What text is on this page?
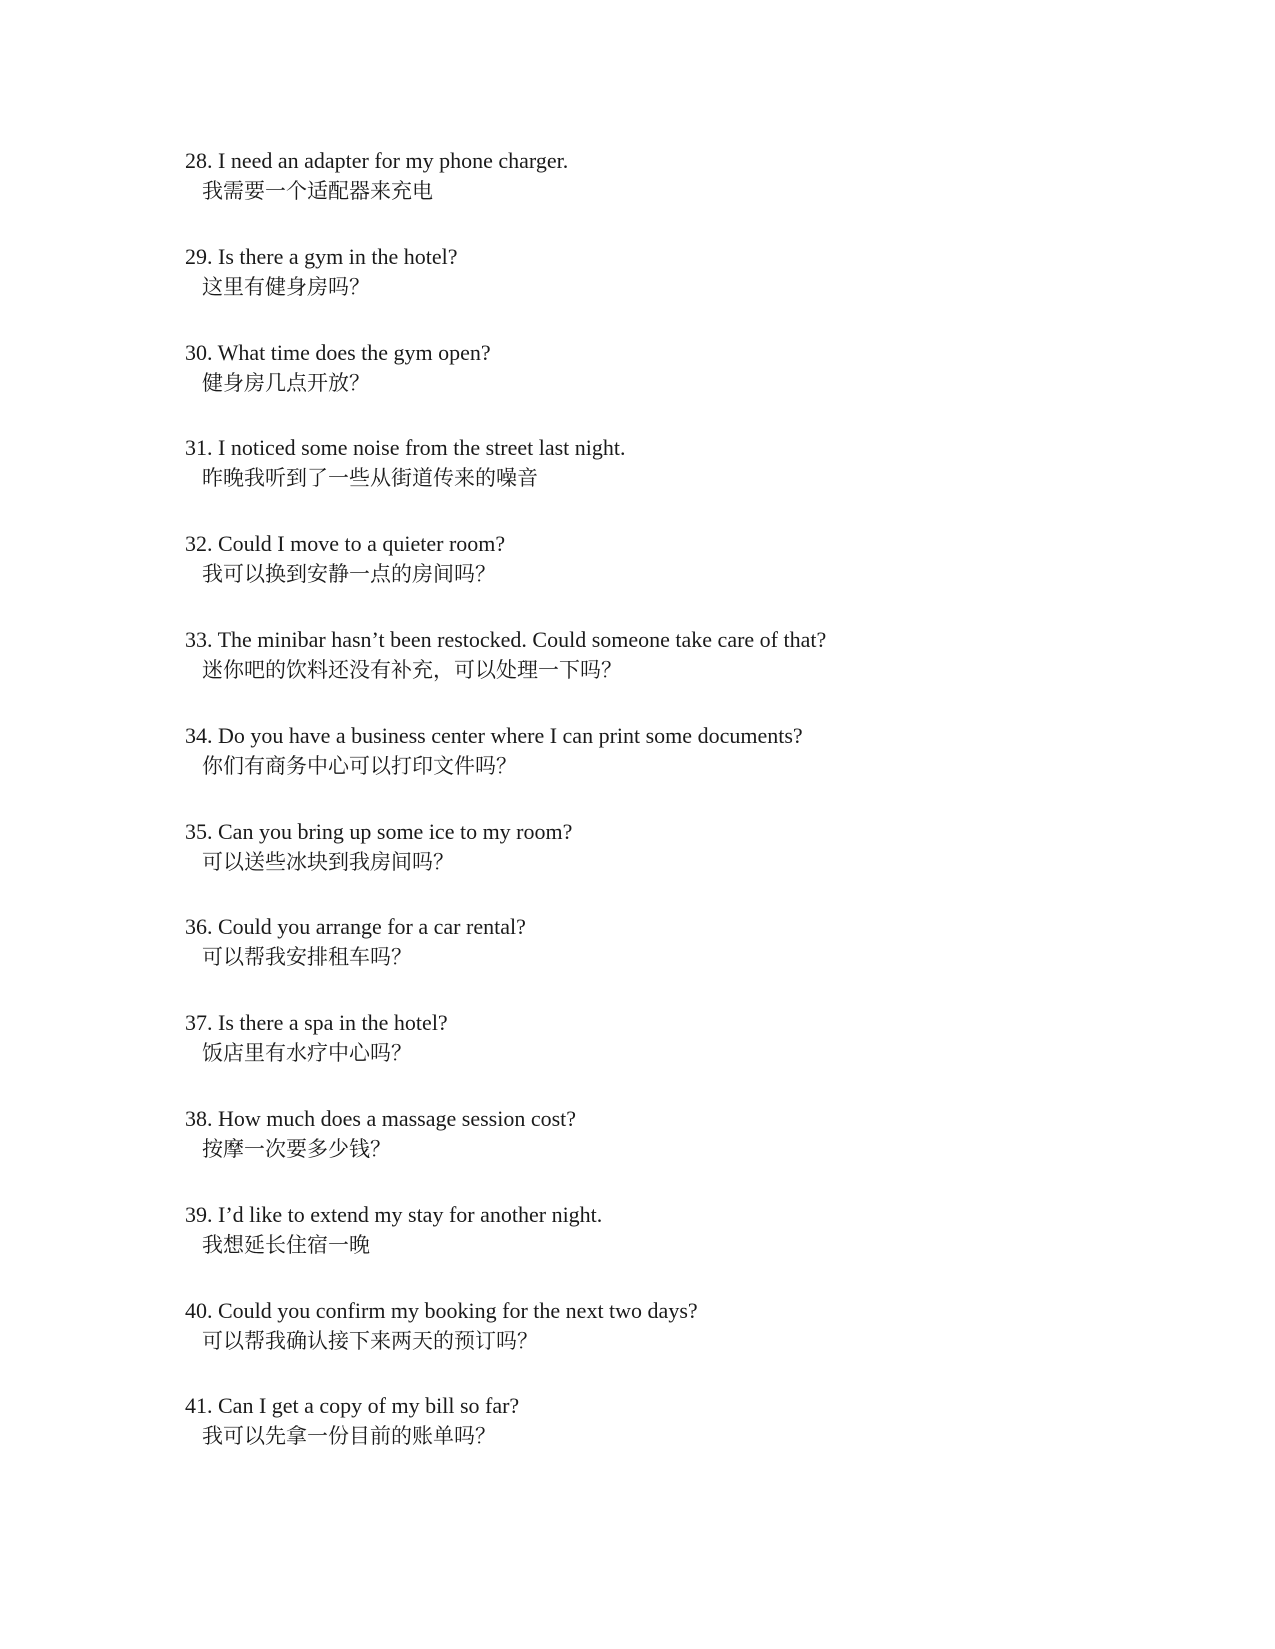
28. I need an adapter for my phone charger.
我需要一个适配器来充电
29. Is there a gym in the hotel?
这里有健身房吗？
30. What time does the gym open?
健身房几点开放？
31. I noticed some noise from the street last night.
昨晚我听到了一些从街道传来的噪音
32. Could I move to a quieter room?
我可以换到安静一点的房间吗？
33. The minibar hasn’t been restocked. Could someone take care of that?
迷你吧的饮料还没有补充，可以处理一下吗？
34. Do you have a business center where I can print some documents?
你们有商务中心可以打印文件吗？
35. Can you bring up some ice to my room?
可以送些冰块到我房间吗？
36. Could you arrange for a car rental?
可以帮我安排租车吗？
37. Is there a spa in the hotel?
饭店里有水疗中心吗？
38. How much does a massage session cost?
按摩一次要多少钱？
39. I’d like to extend my stay for another night.
我想延长住宿一晚
40. Could you confirm my booking for the next two days?
可以帮我确认接下来两天的预订吗？
41. Can I get a copy of my bill so far?
我可以先拿一份目前的账单吗？
